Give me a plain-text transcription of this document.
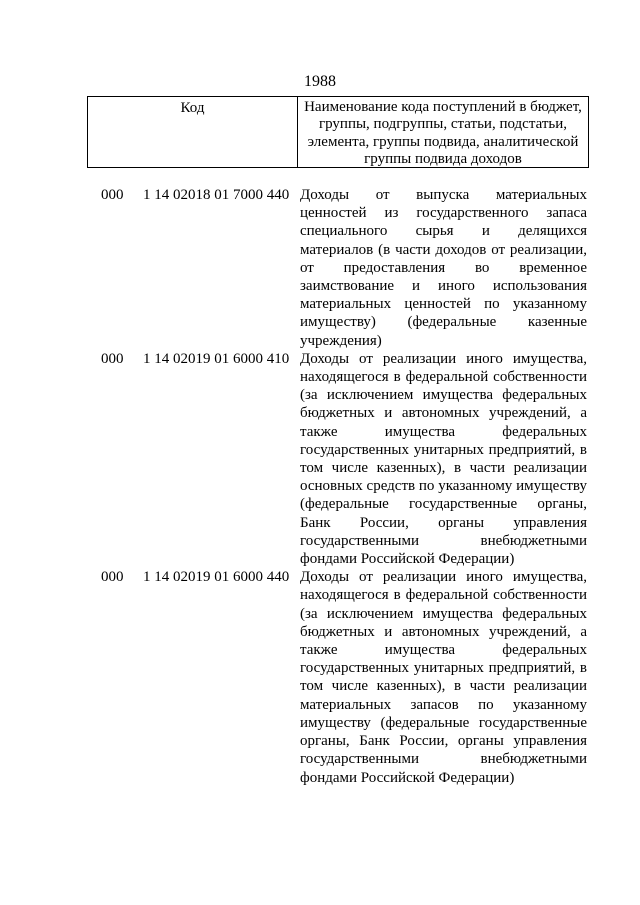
1988
Код	Наименование кода поступлений в бюджет, группы, подгруппы, статьи, подстатьи, элемента, группы подвида, аналитической группы подвида доходов
000 1 14 02018 01 7000 440 Доходы от выпуска материальных ценностей из государственного запаса специального сырья и делящихся материалов (в части доходов от реализации, от предоставления во временное заимствование и иного использования материальных ценностей по указанному имуществу) (федеральные казенные учреждения)
000 1 14 02019 01 6000 410 Доходы от реализации иного имущества, находящегося в федеральной собственности (за исключением имущества федеральных бюджетных и автономных учреждений, а также имущества федеральных государственных унитарных предприятий, в том числе казенных), в части реализации основных средств по указанному имуществу (федеральные государственные органы, Банк России, органы управления государственными внебюджетными фондами Российской Федерации)
000 1 14 02019 01 6000 440 Доходы от реализации иного имущества, находящегося в федеральной собственности (за исключением имущества федеральных бюджетных и автономных учреждений, а также имущества федеральных государственных унитарных предприятий, в том числе казенных), в части реализации материальных запасов по указанному имуществу (федеральные государственные органы, Банк России, органы управления государственными внебюджетными фондами Российской Федерации)
